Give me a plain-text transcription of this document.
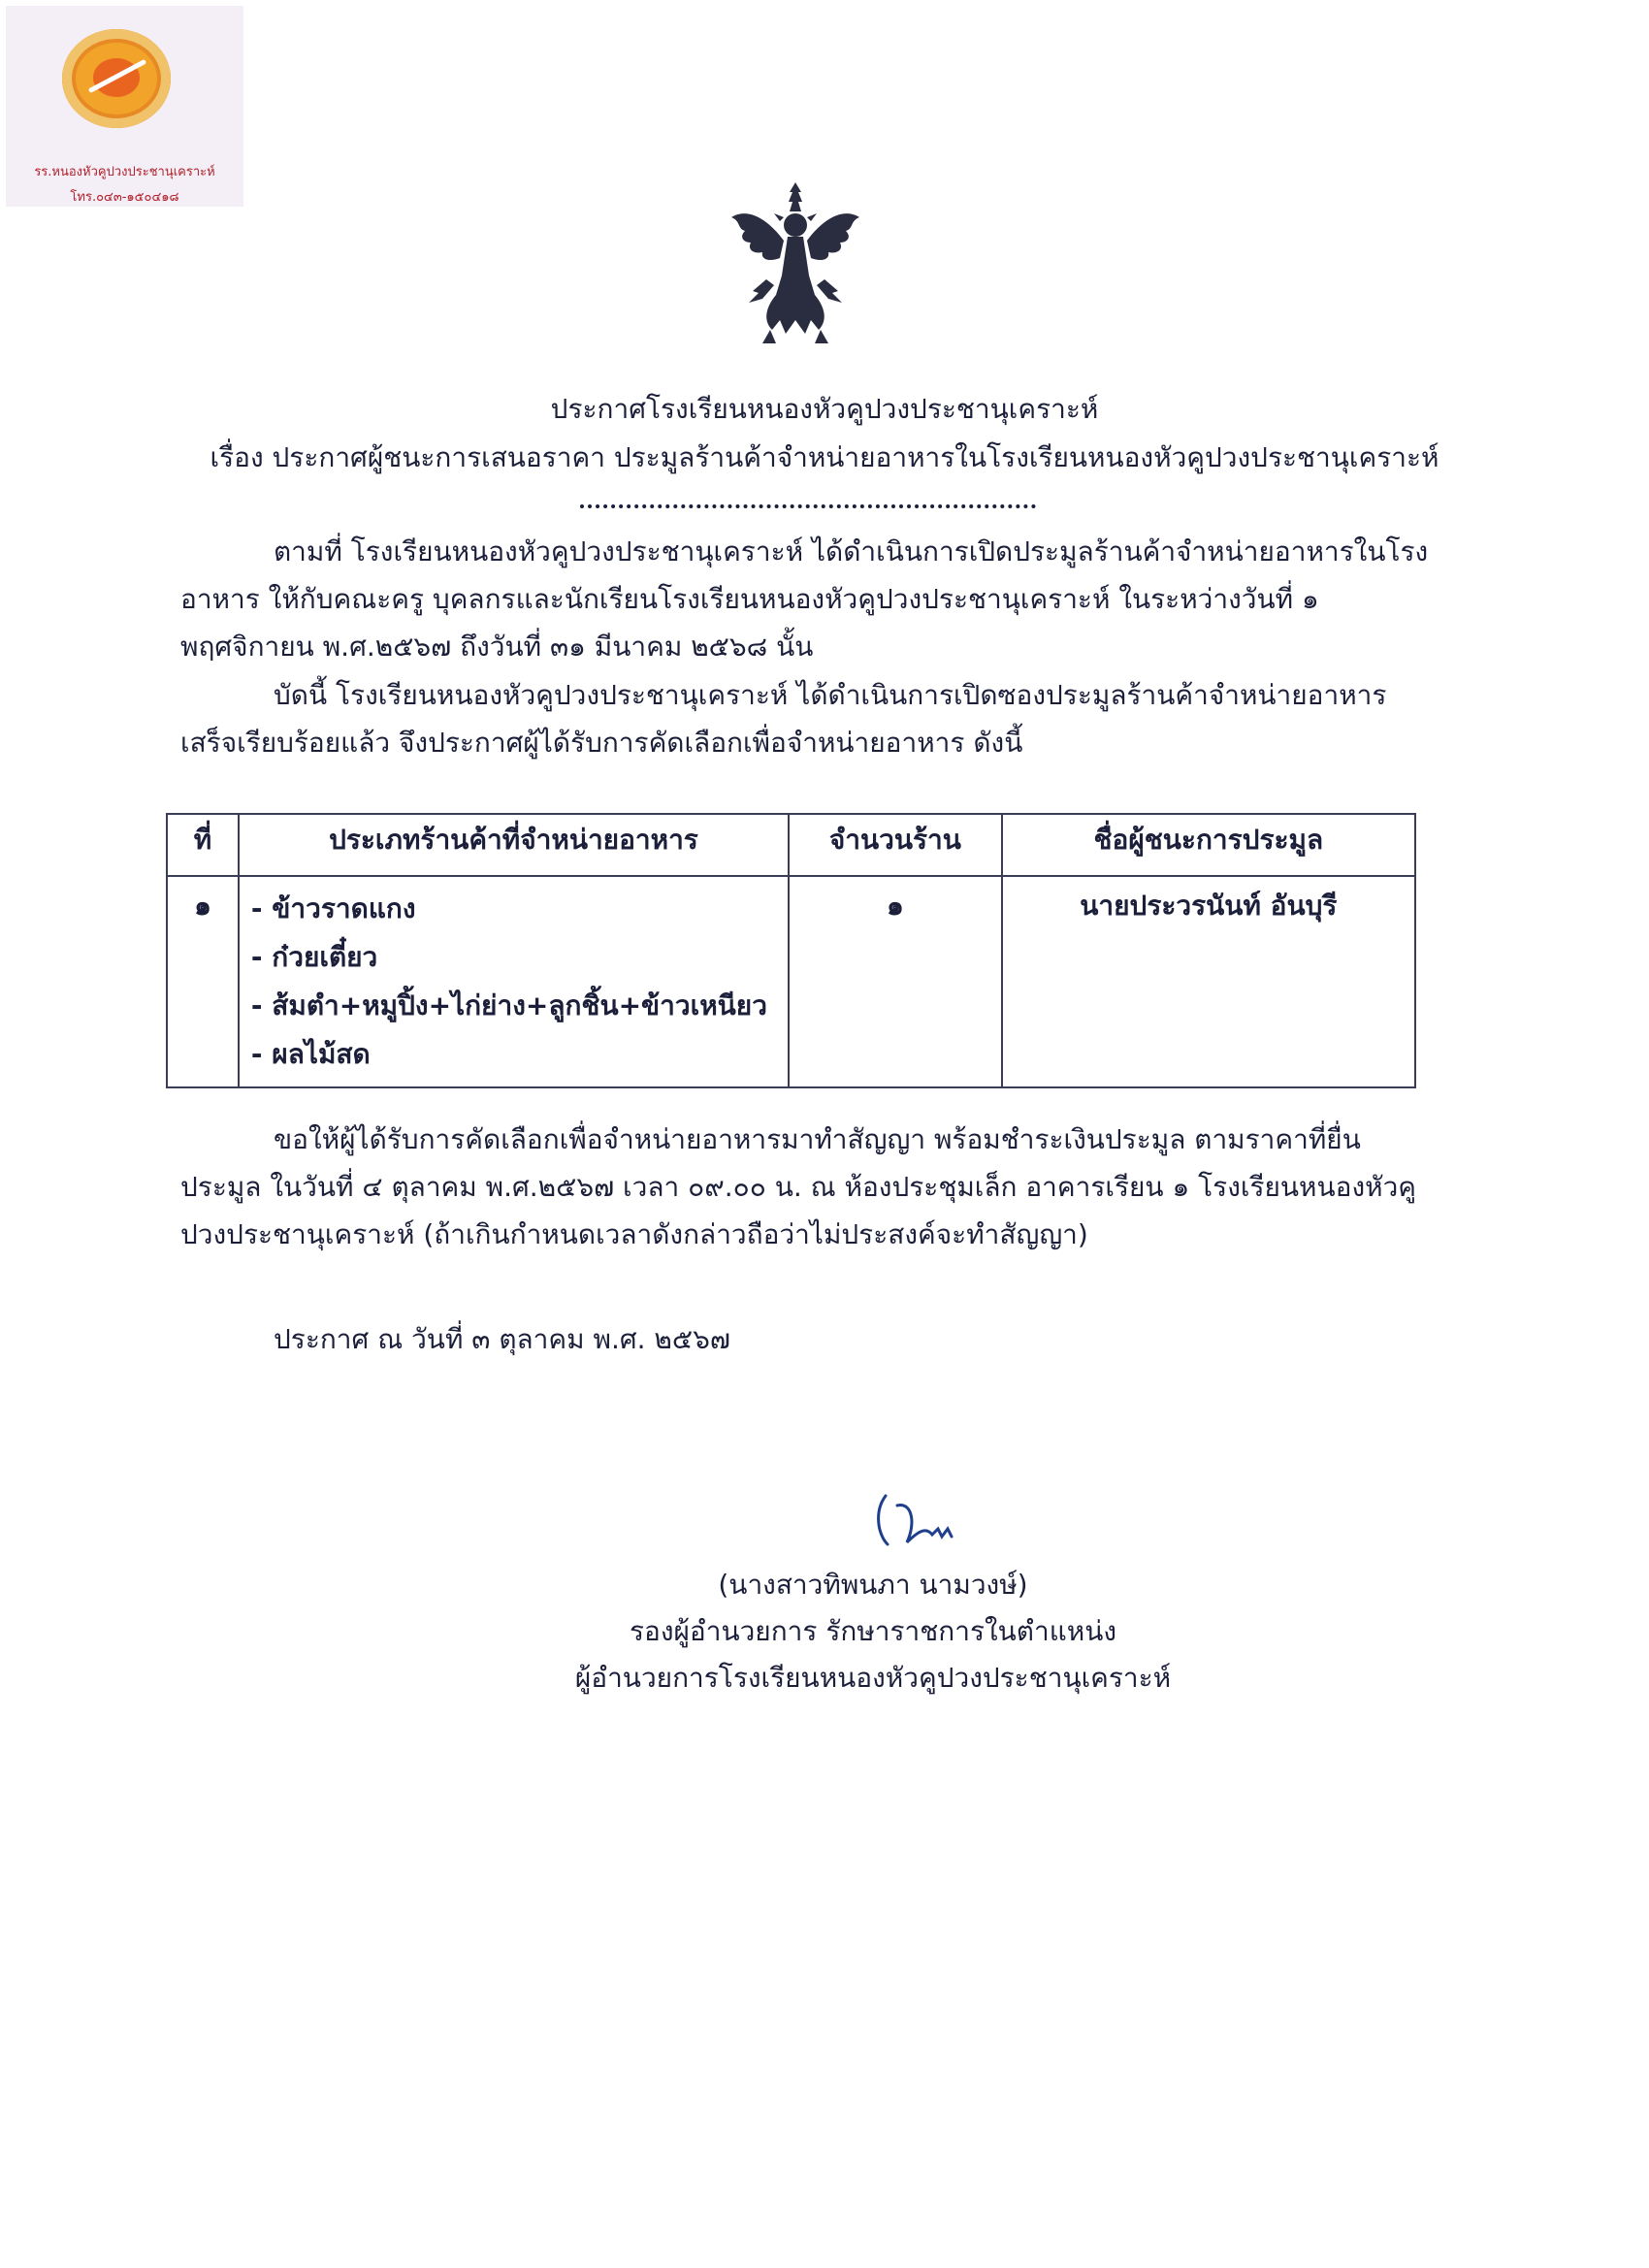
รร.หนองหัวคูปวงประชานุเคราะห์
โทร.๐๔๓-๑๕๐๔๑๘
ประกาศโรงเรียนหนองหัวคูปวงประชานุเคราะห์
เรื่อง ประกาศผู้ชนะการเสนอราคา ประมูลร้านค้าจำหน่ายอาหารในโรงเรียนหนองหัวคูปวงประชานุเคราะห์
ตามที่ โรงเรียนหนองหัวคูปวงประชานุเคราะห์ ได้ดำเนินการเปิดประมูลร้านค้าจำหน่ายอาหารในโรงอาหาร ให้กับคณะครู บุคลกรและนักเรียนโรงเรียนหนองหัวคูปวงประชานุเคราะห์ ในระหว่างวันที่ ๑ พฤศจิกายน พ.ศ.๒๕๖๗ ถึงวันที่ ๓๑ มีนาคม ๒๕๖๘ นั้น
บัดนี้ โรงเรียนหนองหัวคูปวงประชานุเคราะห์ ได้ดำเนินการเปิดซองประมูลร้านค้าจำหน่ายอาหารเสร็จเรียบร้อยแล้ว จึงประกาศผู้ได้รับการคัดเลือกเพื่อจำหน่ายอาหาร ดังนี้
ที่	ประเภทร้านค้าที่จำหน่ายอาหาร	จำนวนร้าน	ชื่อผู้ชนะการประมูล
๑	- ข้าวราดแกง
- ก๋วยเตี๋ยว
- ส้มตำ+หมูปิ้ง+ไก่ย่าง+ลูกชิ้น+ข้าวเหนียว
- ผลไม้สด	๑	นายประวรนันท์ อันบุรี
ขอให้ผู้ได้รับการคัดเลือกเพื่อจำหน่ายอาหารมาทำสัญญา พร้อมชำระเงินประมูล ตามราคาที่ยื่นประมูล ในวันที่ ๔ ตุลาคม พ.ศ.๒๕๖๗ เวลา ๐๙.๐๐ น. ณ ห้องประชุมเล็ก อาคารเรียน ๑ โรงเรียนหนองหัวคูปวงประชานุเคราะห์ (ถ้าเกินกำหนดเวลาดังกล่าวถือว่าไม่ประสงค์จะทำสัญญา)
ประกาศ ณ วันที่ ๓ ตุลาคม พ.ศ. ๒๕๖๗
(นางสาวทิพนภา นามวงษ์)
รองผู้อำนวยการ รักษาราชการในตำแหน่ง
ผู้อำนวยการโรงเรียนหนองหัวคูปวงประชานุเคราะห์
